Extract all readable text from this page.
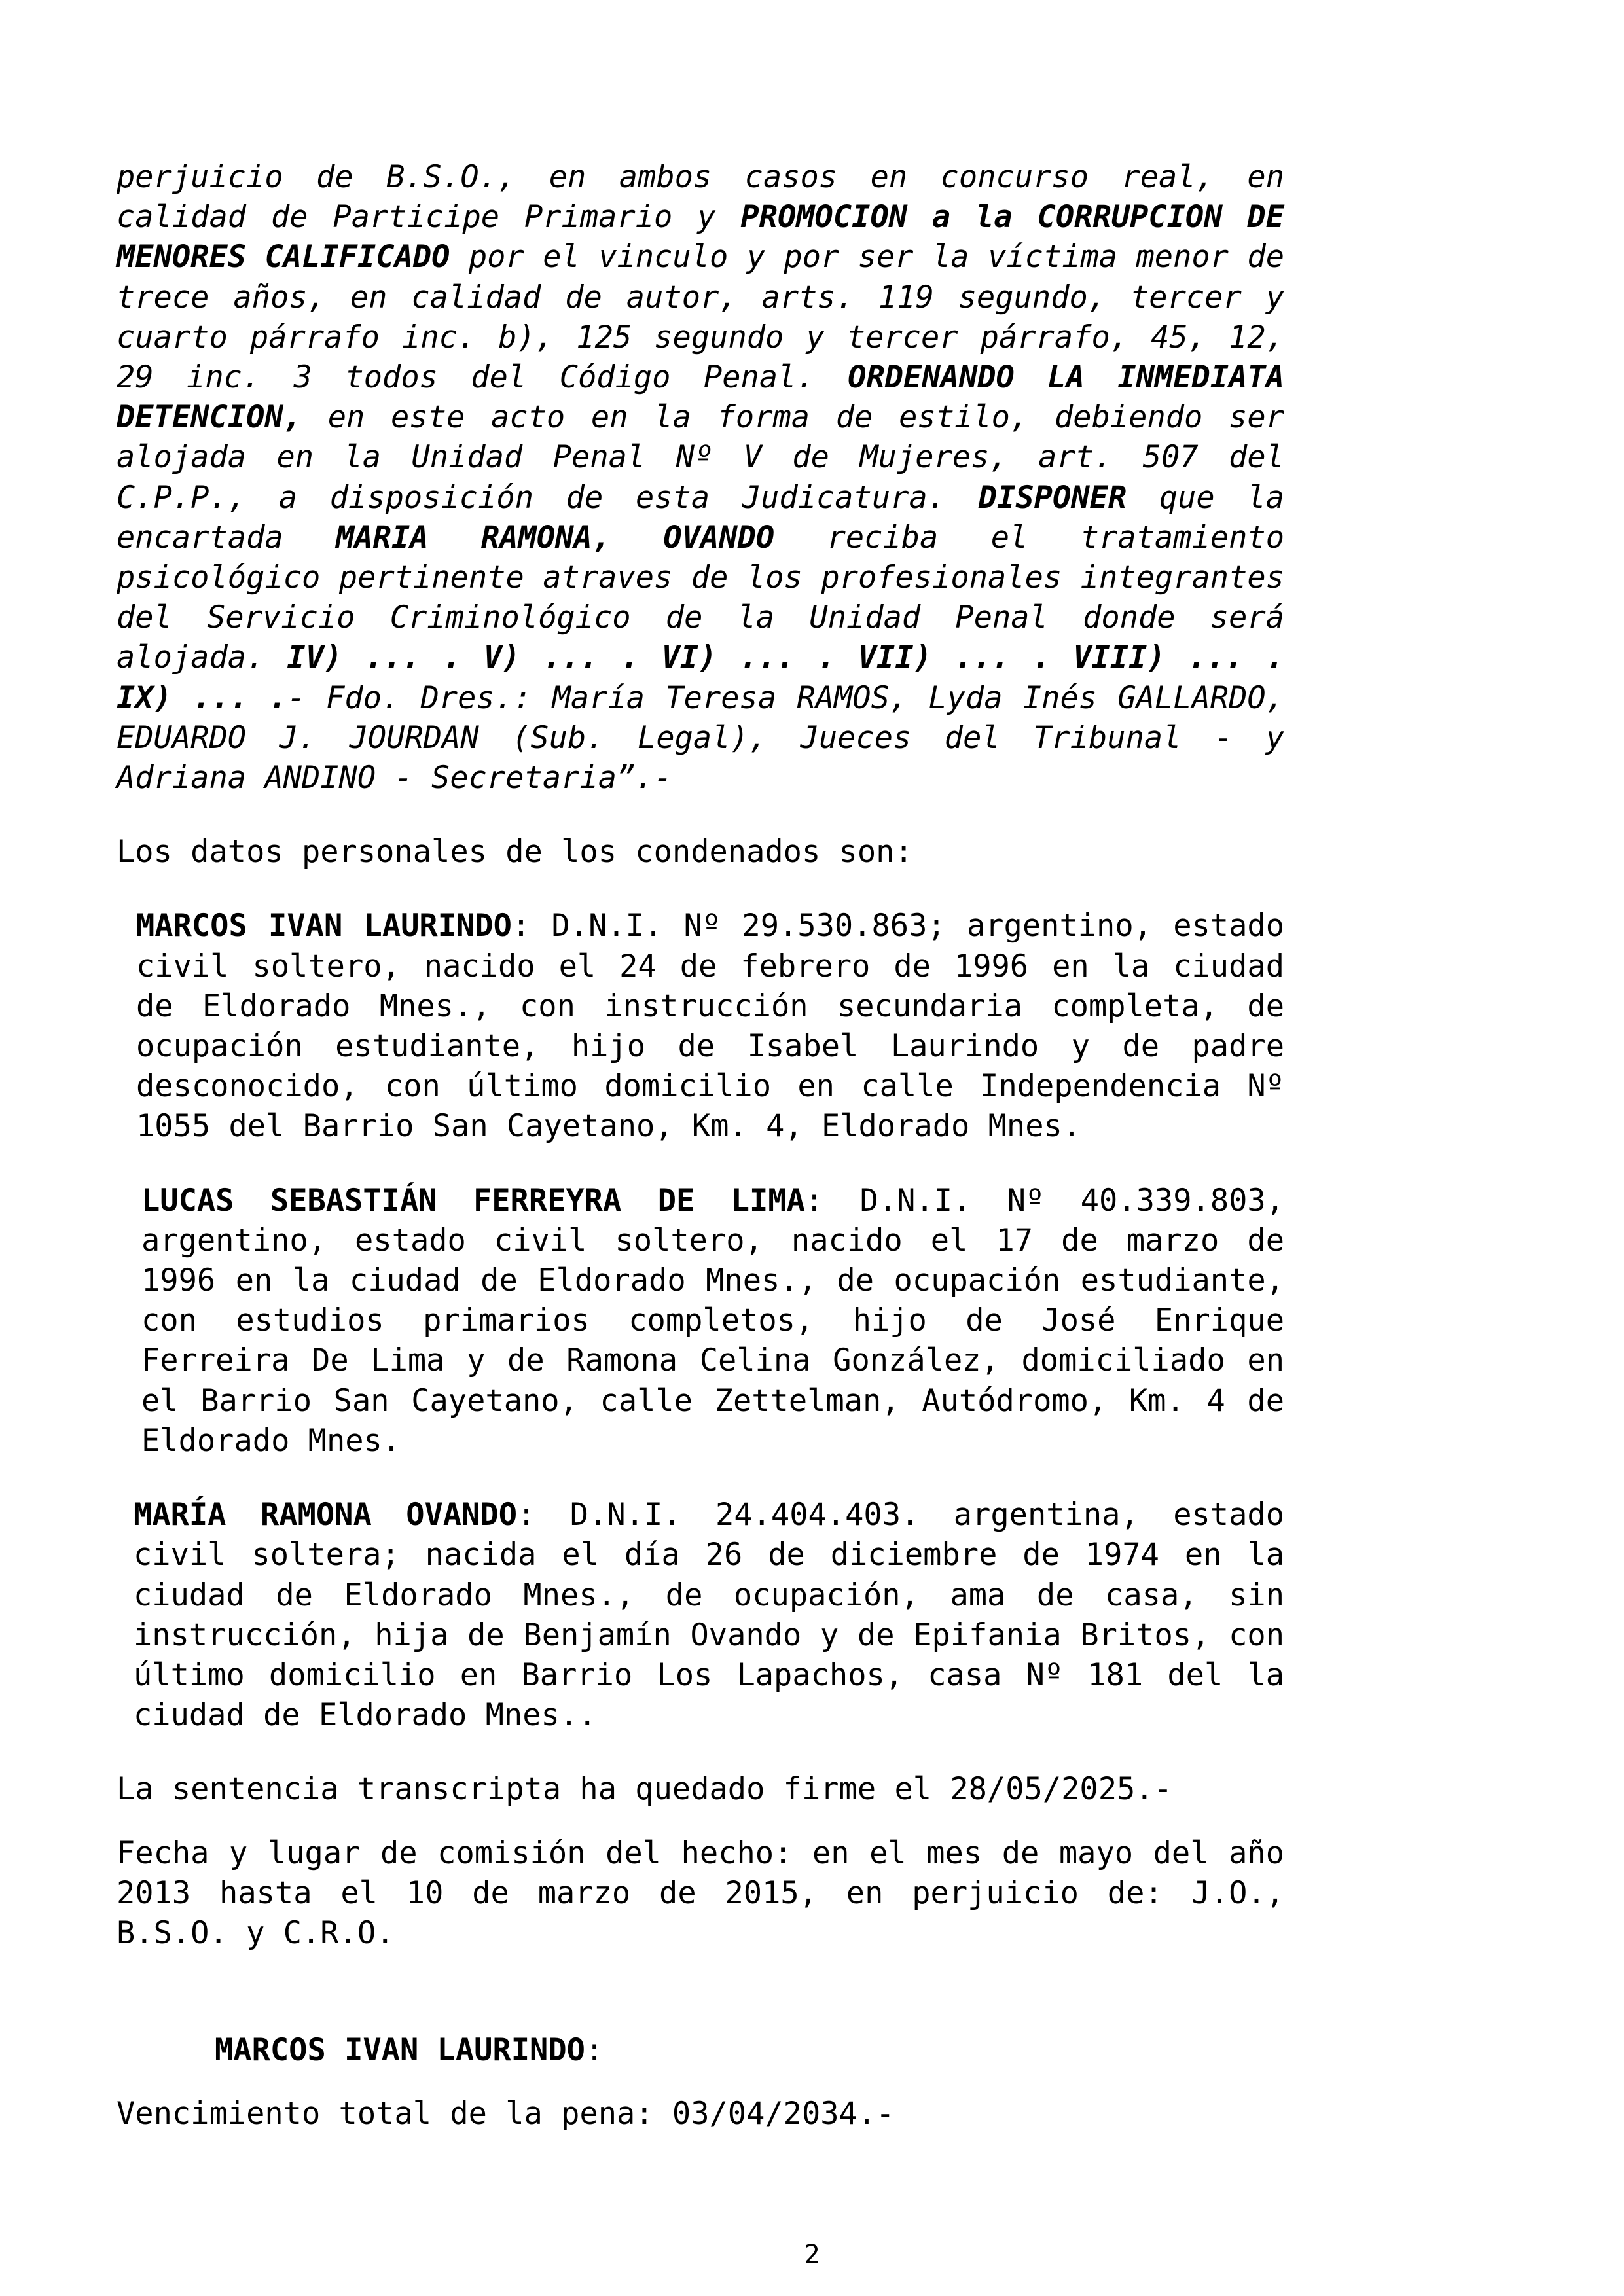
perjuicio de B.S.O., en ambos casos en concurso real, en calidad de Participe Primario y PROMOCION a la CORRUPCION DE MENORES CALIFICADO por el vinculo y por ser la víctima menor de trece años, en calidad de autor, arts. 119 segundo, tercer y cuarto párrafo inc. b), 125 segundo y tercer párrafo, 45, 12, 29 inc. 3 todos del Código Penal. ORDENANDO LA INMEDIATA DETENCION, en este acto en la forma de estilo, debiendo ser alojada en la Unidad Penal Nº V de Mujeres, art. 507 del C.P.P., a disposición de esta Judicatura. DISPONER que la encartada MARIA RAMONA, OVANDO reciba el tratamiento psicológico pertinente atraves de los profesionales integrantes del Servicio Criminológico de la Unidad Penal donde será alojada. IV) ... . V) ... . VI) ... . VII) ... . VIII) ... . IX) ... .- Fdo. Dres.: María Teresa RAMOS, Lyda Inés GALLARDO, EDUARDO J. JOURDAN (Sub. Legal), Jueces del Tribunal - y Adriana ANDINO - Secretaria”.-

Los datos personales de los condenados son:

MARCOS IVAN LAURINDO: D.N.I. Nº 29.530.863; argentino, estado civil soltero, nacido el 24 de febrero de 1996 en la ciudad de Eldorado Mnes., con instrucción secundaria completa, de ocupación estudiante, hijo de Isabel Laurindo y de padre desconocido, con último domicilio en calle Independencia Nº 1055 del Barrio San Cayetano, Km. 4, Eldorado Mnes.

LUCAS SEBASTIÁN FERREYRA DE LIMA: D.N.I. Nº 40.339.803, argentino, estado civil soltero, nacido el 17 de marzo de 1996 en la ciudad de Eldorado Mnes., de ocupación estudiante, con estudios primarios completos, hijo de José Enrique Ferreira De Lima y de Ramona Celina González, domiciliado en el Barrio San Cayetano, calle Zettelman, Autódromo, Km. 4 de Eldorado Mnes.

MARÍA RAMONA OVANDO: D.N.I. 24.404.403. argentina, estado civil soltera; nacida el día 26 de diciembre de 1974 en la ciudad de Eldorado Mnes., de ocupación, ama de casa, sin instrucción, hija de Benjamín Ovando y de Epifania Britos, con último domicilio en Barrio Los Lapachos, casa Nº 181 del la ciudad de Eldorado Mnes..

La sentencia transcripta ha quedado firme el 28/05/2025.-

Fecha y lugar de comisión del hecho: en el mes de mayo del año 2013 hasta el 10 de marzo de 2015, en perjuicio de: J.O., B.S.O. y C.R.O.

MARCOS IVAN LAURINDO:

Vencimiento total de la pena: 03/04/2034.-

2
